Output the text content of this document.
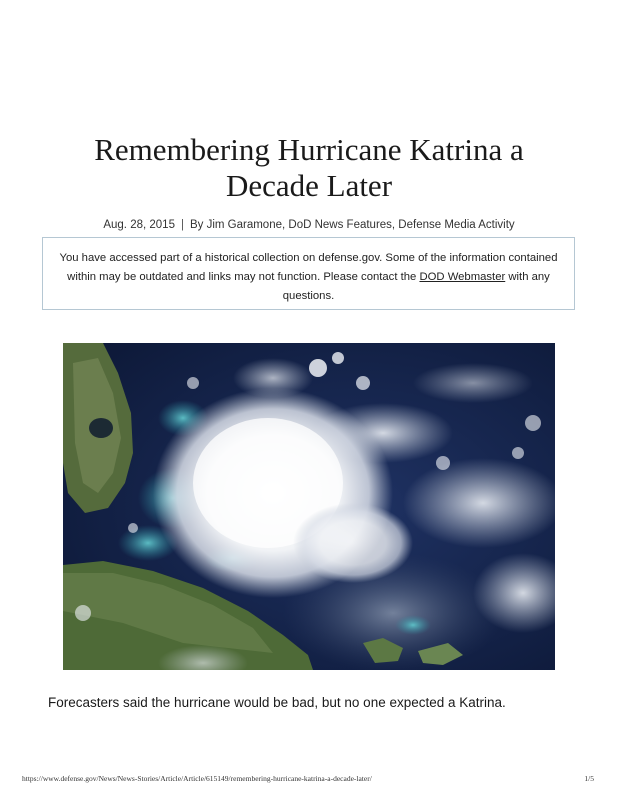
Remembering Hurricane Katrina a Decade Later
Aug. 28, 2015 | By Jim Garamone, DoD News Features, Defense Media Activity
You have accessed part of a historical collection on defense.gov. Some of the information contained within may be outdated and links may not function. Please contact the DOD Webmaster with any questions.

Forecasters said the hurricane would be bad, but no one expected a Katrina.

https://www.defense.gov/News/News-Stories/Article/Article/615149/remembering-hurricane-katrina-a-decade-later/	1/5
